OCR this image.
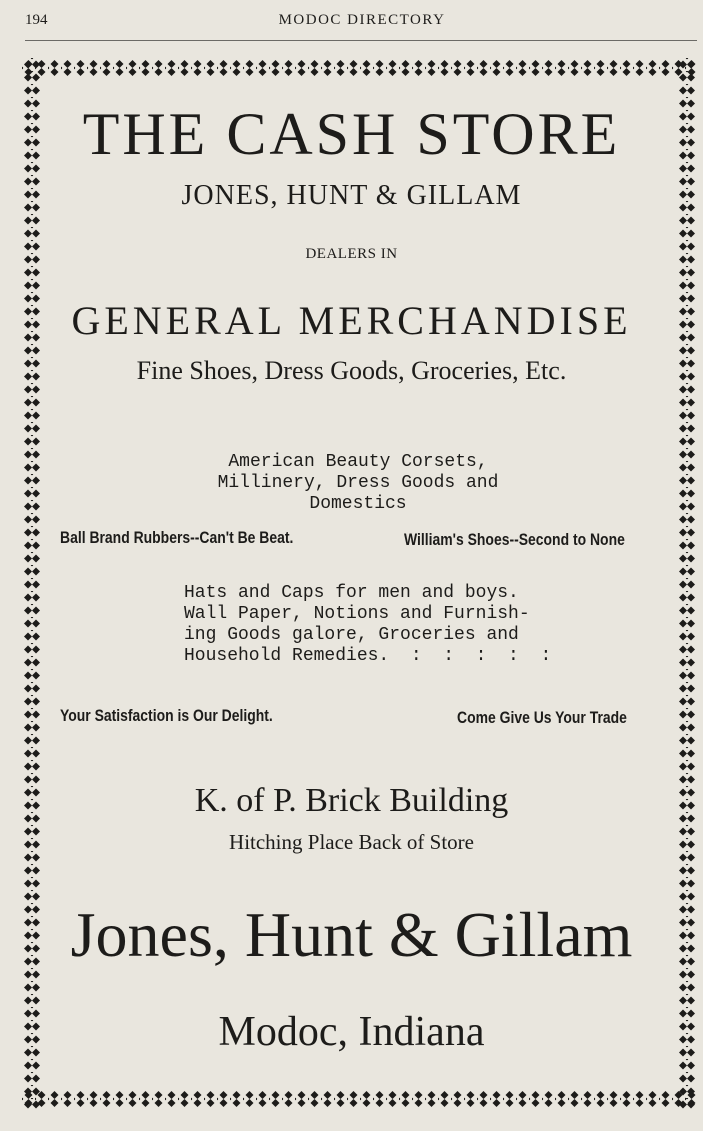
194	MODOC DIRECTORY
THE CASH STORE
JONES, HUNT & GILLAM
DEALERS IN
GENERAL MERCHANDISE
Fine Shoes, Dress Goods, Groceries, Etc.
American Beauty Corsets, Millinery, Dress Goods and Domestics
Ball Brand Rubbers--Can't Be Beat.	William's Shoes--Second to None
Hats and Caps for men and boys.
Wall Paper, Notions and Furnish-
ing Goods galore, Groceries and
Household Remedies.  :  :  :  :  :
Your Satisfaction is Our Delight.	Come Give Us Your Trade
K. of P. Brick Building
Hitching Place Back of Store
Jones, Hunt & Gillam
Modoc, Indiana
